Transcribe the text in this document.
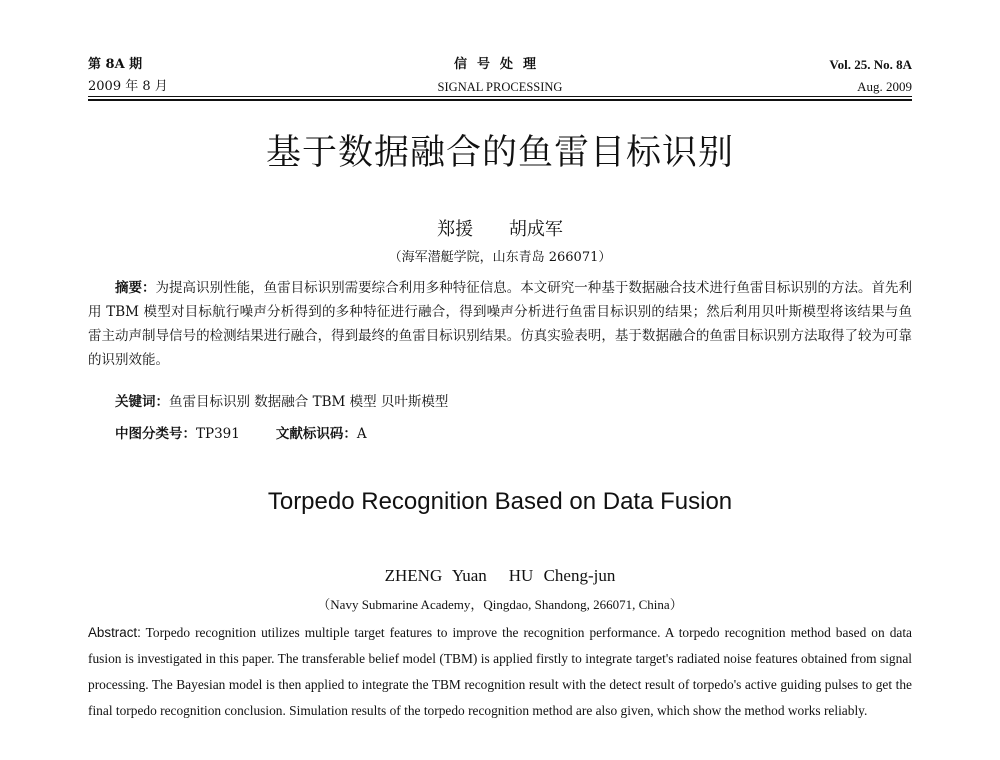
第 8A 期
2009 年 8 月
信号处理
SIGNAL PROCESSING
Vol. 25. No. 8A
Aug. 2009
基于数据融合的鱼雷目标识别
郑援 胡成军
（海军潜艇学院，山东青岛 266071）
摘要：为提高识别性能，鱼雷目标识别需要综合利用多种特征信息。本文研究一种基于数据融合技术进行鱼雷目标识别的方法。首先利用 TBM 模型对目标航行噪声分析得到的多种特征进行融合，得到噪声分析进行鱼雷目标识别的结果；然后利用贝叶斯模型将该结果与鱼雷主动声制导信号的检测结果进行融合，得到最终的鱼雷目标识别结果。仿真实验表明，基于数据融合的鱼雷目标识别方法取得了较为可靠的识别效能。
关键词：鱼雷目标识别 数据融合 TBM 模型 贝叶斯模型
中图分类号：TP391	文献标识码：A
Torpedo Recognition Based on Data Fusion
ZHENG Yuan HU Cheng-jun
（Navy Submarine Academy，Qingdao, Shandong, 266071, China）
Abstract: Torpedo recognition utilizes multiple target features to improve the recognition performance. A torpedo recognition method based on data fusion is investigated in this paper. The transferable belief model (TBM) is applied firstly to integrate target's radiated noise features obtained from signal processing. The Bayesian model is then applied to integrate the TBM recognition result with the detect result of torpedo's active guiding pulses to get the final torpedo recognition conclusion. Simulation results of the torpedo recognition method are also given, which show the method works reliably.
